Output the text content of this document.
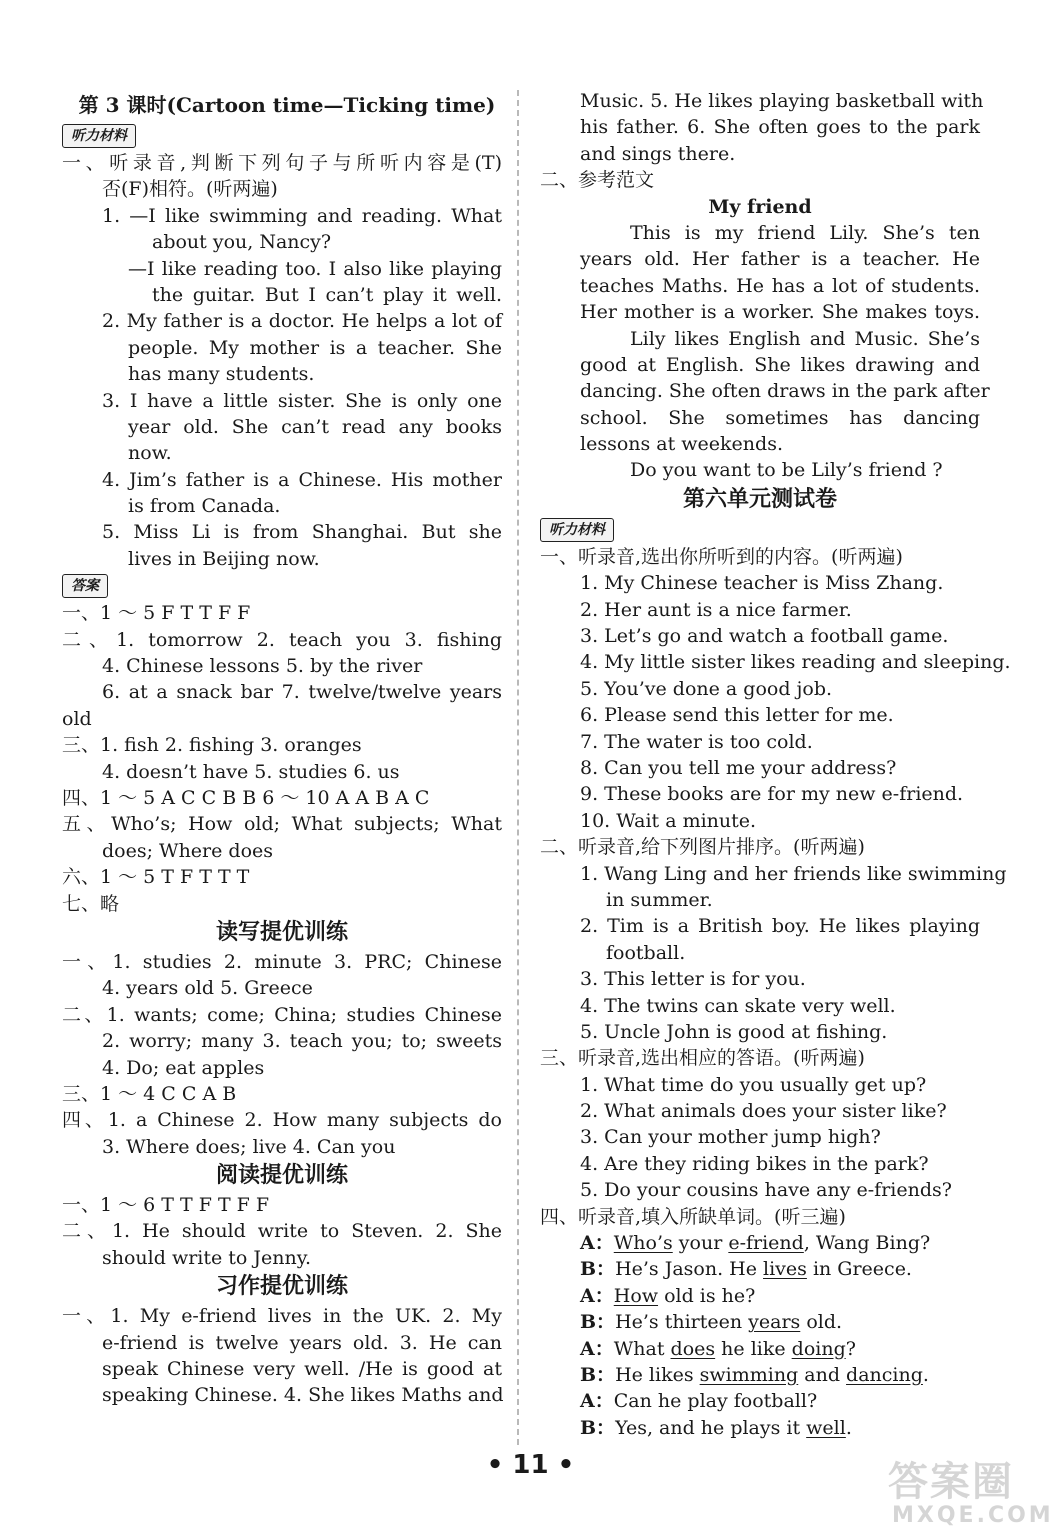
第 3 课时(Cartoon time—Ticking time)
听力材料
一、听录音,判断下列句子与所听内容是(T)
否(F)相符。(听两遍)
1. —I like swimming and reading. What
about you, Nancy?
—I like reading too. I also like playing
the guitar. But I can’t play it well.
2. My father is a doctor. He helps a lot of
people. My mother is a teacher. She
has many students.
3. I have a little sister. She is only one
year old. She can’t read any books
now.
4. Jim’s father is a Chinese. His mother
is from Canada.
5. Miss Li is from Shanghai. But she
lives in Beijing now.
答案
一、1 ～ 5 F T T F F
二、1. tomorrow 2. teach you 3. fishing
4. Chinese lessons 5. by the river
6. at a snack bar 7. twelve/twelve years
old
三、1. fish 2. fishing 3. oranges
4. doesn’t have 5. studies 6. us
四、1 ～ 5 A C C B B 6 ～ 10 A A B A C
五、Who’s; How old; What subjects; What
does; Where does
六、1 ～ 5 T F T T T
七、略
读写提优训练
一、1. studies 2. minute 3. PRC; Chinese
4. years old 5. Greece
二、1. wants; come; China; studies Chinese
2. worry; many 3. teach you; to; sweets
4. Do; eat apples
三、1 ～ 4 C C A B
四、1. a Chinese 2. How many subjects do
3. Where does; live 4. Can you
阅读提优训练
一、1 ～ 6 T T F T F F
二、1. He should write to Steven. 2. She
should write to Jenny.
习作提优训练
一、1. My e-friend lives in the UK. 2. My
e-friend is twelve years old. 3. He can
speak Chinese very well. /He is good at
speaking Chinese. 4. She likes Maths and
Music. 5. He likes playing basketball with
his father. 6. She often goes to the park
and sings there.
二、参考范文
My friend
This is my friend Lily. She’s ten
years old. Her father is a teacher. He
teaches Maths. He has a lot of students.
Her mother is a worker. She makes toys.
Lily likes English and Music. She’s
good at English. She likes drawing and
dancing. She often draws in the park after
school. She sometimes has dancing
lessons at weekends.
Do you want to be Lily’s friend ?
第六单元测试卷
听力材料
一、听录音,选出你所听到的内容。(听两遍)
1. My Chinese teacher is Miss Zhang.
2. Her aunt is a nice farmer.
3. Let’s go and watch a football game.
4. My little sister likes reading and sleeping.
5. You’ve done a good job.
6. Please send this letter for me.
7. The water is too cold.
8. Can you tell me your address?
9. These books are for my new e-friend.
10. Wait a minute.
二、听录音,给下列图片排序。(听两遍)
1. Wang Ling and her friends like swimming
in summer.
2. Tim is a British boy. He likes playing
football.
3. This letter is for you.
4. The twins can skate very well.
5. Uncle John is good at fishing.
三、听录音,选出相应的答语。(听两遍)
1. What time do you usually get up?
2. What animals does your sister like?
3. Can your mother jump high?
4. Are they riding bikes in the park?
5. Do your cousins have any e-friends?
四、听录音,填入所缺单词。(听三遍)
A：Who’s your e-friend, Wang Bing?
B：He’s Jason. He lives in Greece.
A：How old is he?
B：He’s thirteen years old.
A：What does he like doing?
B：He likes swimming and dancing.
A：Can he play football?
B：Yes, and he plays it well.
• 11 •	答案圈
MXQE.COM
